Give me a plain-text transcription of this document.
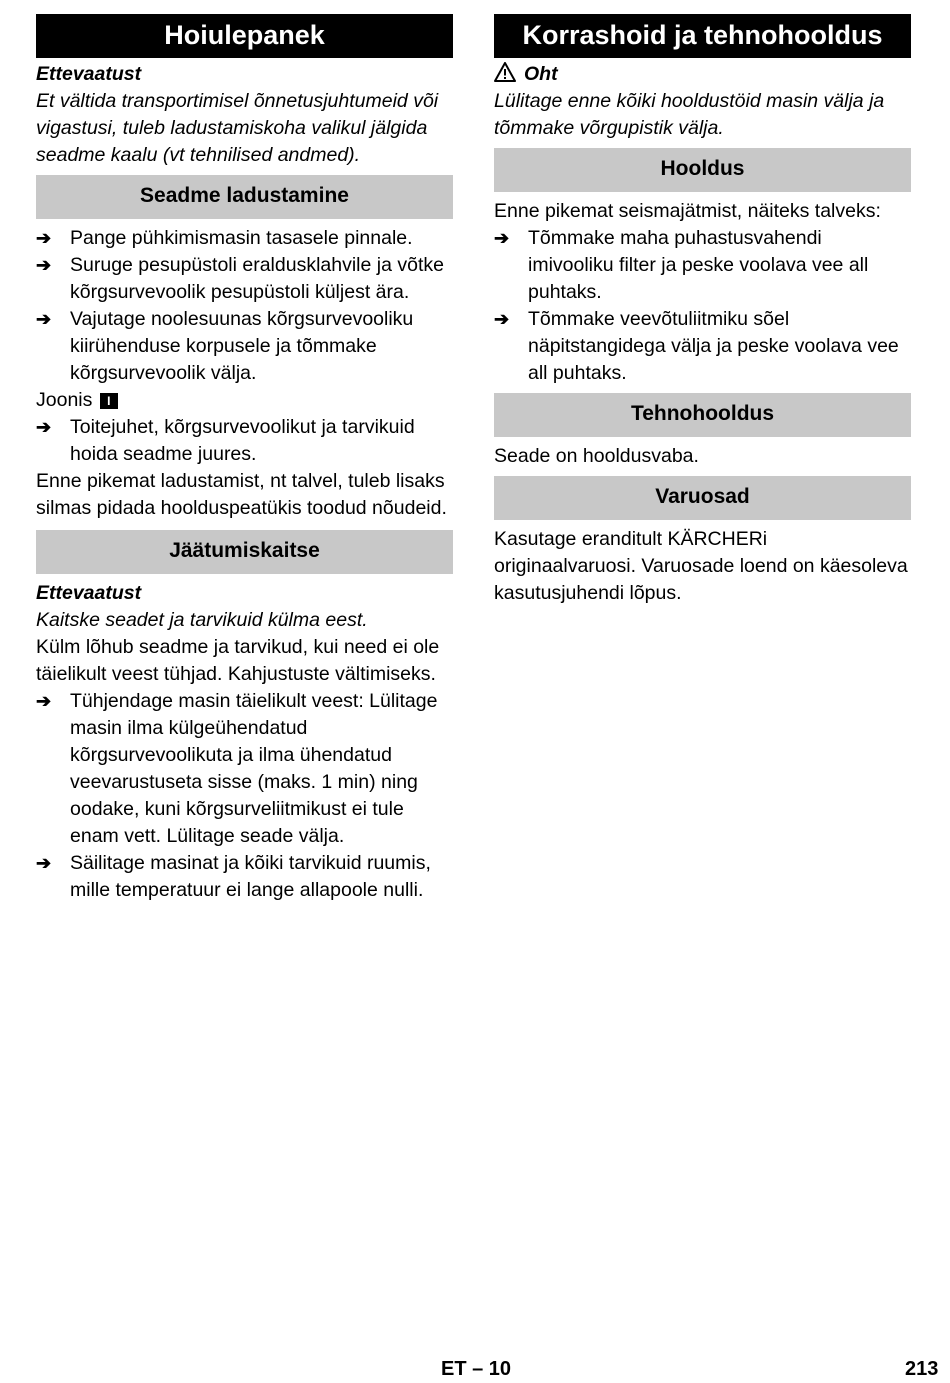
Hoiulepanek
Ettevaatust

Et vältida transportimisel õnnetusjuhtumeid või vigastusi, tuleb ladustamiskoha valikul jälgida seadme kaalu (vt tehnilised andmed).

Seadme ladustamine
➔ Pange pühkimismasin tasasele pinnale.
➔ Suruge pesupüstoli eraldusklahvile ja võtke kõrgsurvevoolik pesupüstoli küljest ära.
➔ Vajutage noolesuunas kõrgsurvevooliku kiirühenduse korpusele ja tõmmake kõrgsurvevoolik välja.
Joonis I
➔ Toitejuhet, kõrgsurvevoolikut ja tarvikuid hoida seadme juures.

Enne pikemat ladustamist, nt talvel, tuleb lisaks silmas pidada hoolduspeatükis toodud nõudeid.

Jäätumiskaitse
Ettevaatust
Kaitske seadet ja tarvikuid külma eest.

Külm lõhub seadme ja tarvikud, kui need ei ole täielikult veest tühjad. Kahjustuste vältimiseks.

➔ Tühjendage masin täielikult veest: Lülitage masin ilma külgeühendatud kõrgsurvevoolikuta ja ilma ühendatud veevarustuseta sisse (maks. 1 min) ning oodake, kuni kõrgsurveliitmikust ei tule enam vett. Lülitage seade välja.
➔ Säilitage masinat ja kõiki tarvikuid ruumis, mille temperatuur ei lange allapoole nulli.
Korrashoid ja tehnohooldus
Oht

Lülitage enne kõiki hooldustöid masin välja ja tõmmake võrgupistik välja.

Hooldus

Enne pikemat seismajätmist, näiteks talveks:

➔ Tõmmake maha puhastusvahendi imivooliku filter ja peske voolava vee all puhtaks.
➔ Tõmmake veevõtuliitmiku sõel näpitstangidega välja ja peske voolava vee all puhtaks.
Tehnohooldus

Seade on hooldusvaba.

Varuosad

Kasutage eranditult KÄRCHERi originaalvaruosi. Varuosade loend on käesoleva kasutusjuhendi lõpus.

ET – 10	213
